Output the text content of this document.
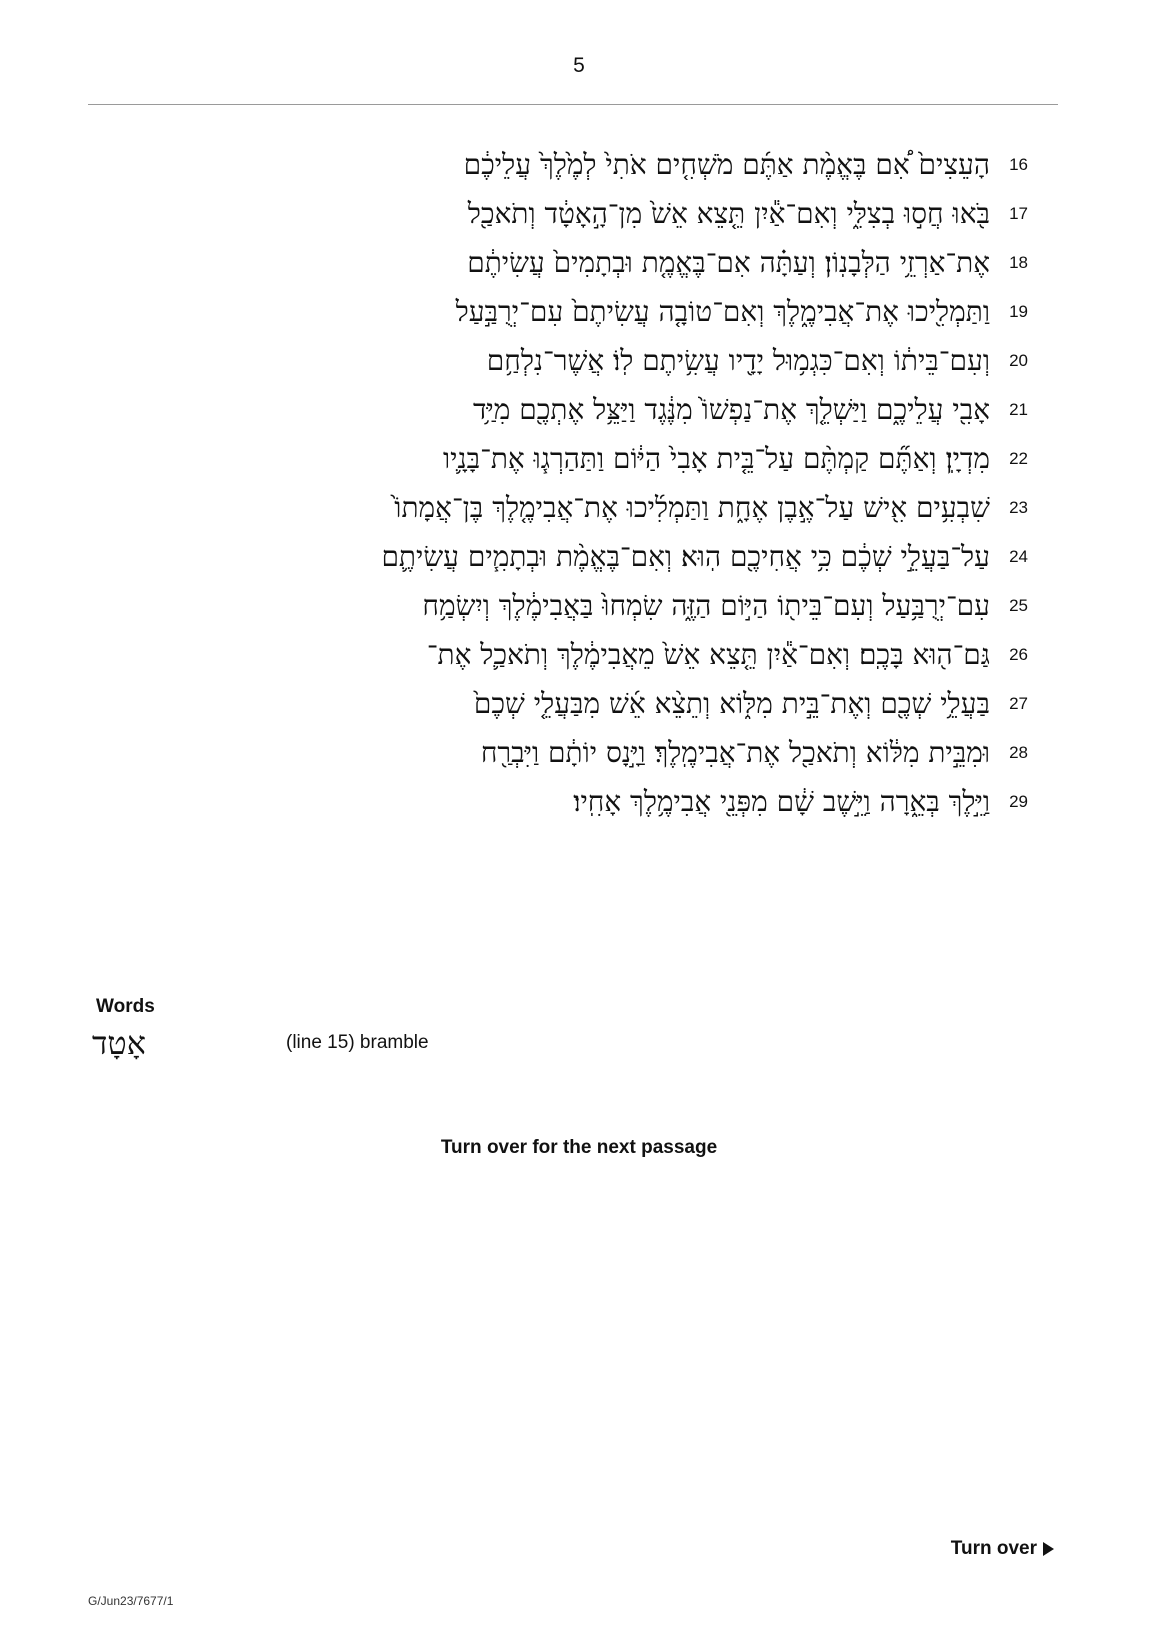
5
הָעֵצִים֙ אִ֠ם בֶּאֱמֶ֨ת אַתֶּ֜ם מֹשְׁחִ֤ים אֹתִי֙ לְמֶ֙לֶךְ֙ עֲלֵיכֶ֔ם	16
בֹּ֖אוּ חֲס֣וּ בְצִלִּ֑י וְאִם־אַ֕יִן תֵּ֤צֵא אֵשׁ֙ מִן־הָ֣אָטָ֔ד וְתֹאכַ֖ל	17
אֶת־אַרְזֵ֥י הַלְּבָנֽוֹן׃ וְעַתָּ֗ה אִם־בֶּאֱמֶ֤ת וּבְתָמִים֙ עֲשִׂיתֶ֔ם	18
וַתַּמְלִ֖יכוּ אֶת־אֲבִימֶ֑לֶךְ וְאִם־טוֹבָ֤ה עֲשִׂיתֶם֙ עִם־יְרֻבַּ֣עַל	19
וְעִם־בֵּית֔וֹ וְאִם־כִּגְמ֥וּל יָדָ֖יו עֲשִׂ֥יתֶם לֽוֹ׃ אֲשֶׁר־נִלְחַ֥ם	20
אָבִ֖י עֲלֵיכֶ֑ם וַיַּשְׁלֵ֤ךְ אֶת־נַפְשׁוֹ֙ מִנֶּ֔גֶד וַיַּצֵּ֥ל אֶתְכֶ֖ם מִיַּ֥ד	21
מִדְיָֽן׃ וְאַתֶּ֞ם קַמְתֶּ֨ם עַל־בֵּ֤ית אָבִי֙ הַיּ֔וֹם וַתַּהַרְג֧וּ אֶת־בָּנָ֛יו	22
שִׁבְעִ֥ים אִ֖ישׁ עַל־אֶ֣בֶן אֶחָ֑ת וַתַּמְלִ֜יכוּ אֶת־אֲבִימֶ֤לֶךְ בֶּן־אֲמָתוֹ֙	23
עַל־בַּעֲלֵ֣י שְׁכֶ֔ם כִּ֥י אֲחִיכֶ֖ם הֽוּא׃ וְאִם־בֶּאֱמֶ֨ת וּבְתָמִ֧ים עֲשִׂיתֶ֛ם	24
עִם־יְרֻבַּ֥עַל וְעִם־בֵּית֖וֹ הַיּ֣וֹם הַזֶּ֑ה שִׂמְחוּ֙ בַּאֲבִימֶ֔לֶךְ וְיִשְׂמַ֥ח	25
גַּם־ה֖וּא בָּכֶֽם׃ וְאִם־אַ֕יִן תֵּ֤צֵא אֵשׁ֙ מֵאֲבִימֶ֔לֶךְ וְתֹאכַ֛ל אֶת־	26
בַּעֲלֵ֥י שְׁכֶ֖ם וְאֶת־בֵּ֣ית מִלּ֑וֹא וְתֵצֵ֨א אֵ֜שׁ מִבַּעֲלֵ֤י שְׁכֶם֙	27
וּמִבֵּ֣ית מִלּ֔וֹא וְתֹאכַ֖ל אֶת־אֲבִימֶֽלֶךְ׃ וַיָּ֣נָס יוֹתָ֔ם וַיִּבְרַ֖ח	28
וַיֵּ֣לֶךְ בְּאֵ֑רָה וַיֵּ֣שֶׁב שָׁ֔ם מִפְּנֵ֖י אֲבִימֶ֥לֶךְ אָחִֽיו׃	29
Words
אָטָד	(line 15) bramble
Turn over for the next passage
Turn over
G/Jun23/7677/1
